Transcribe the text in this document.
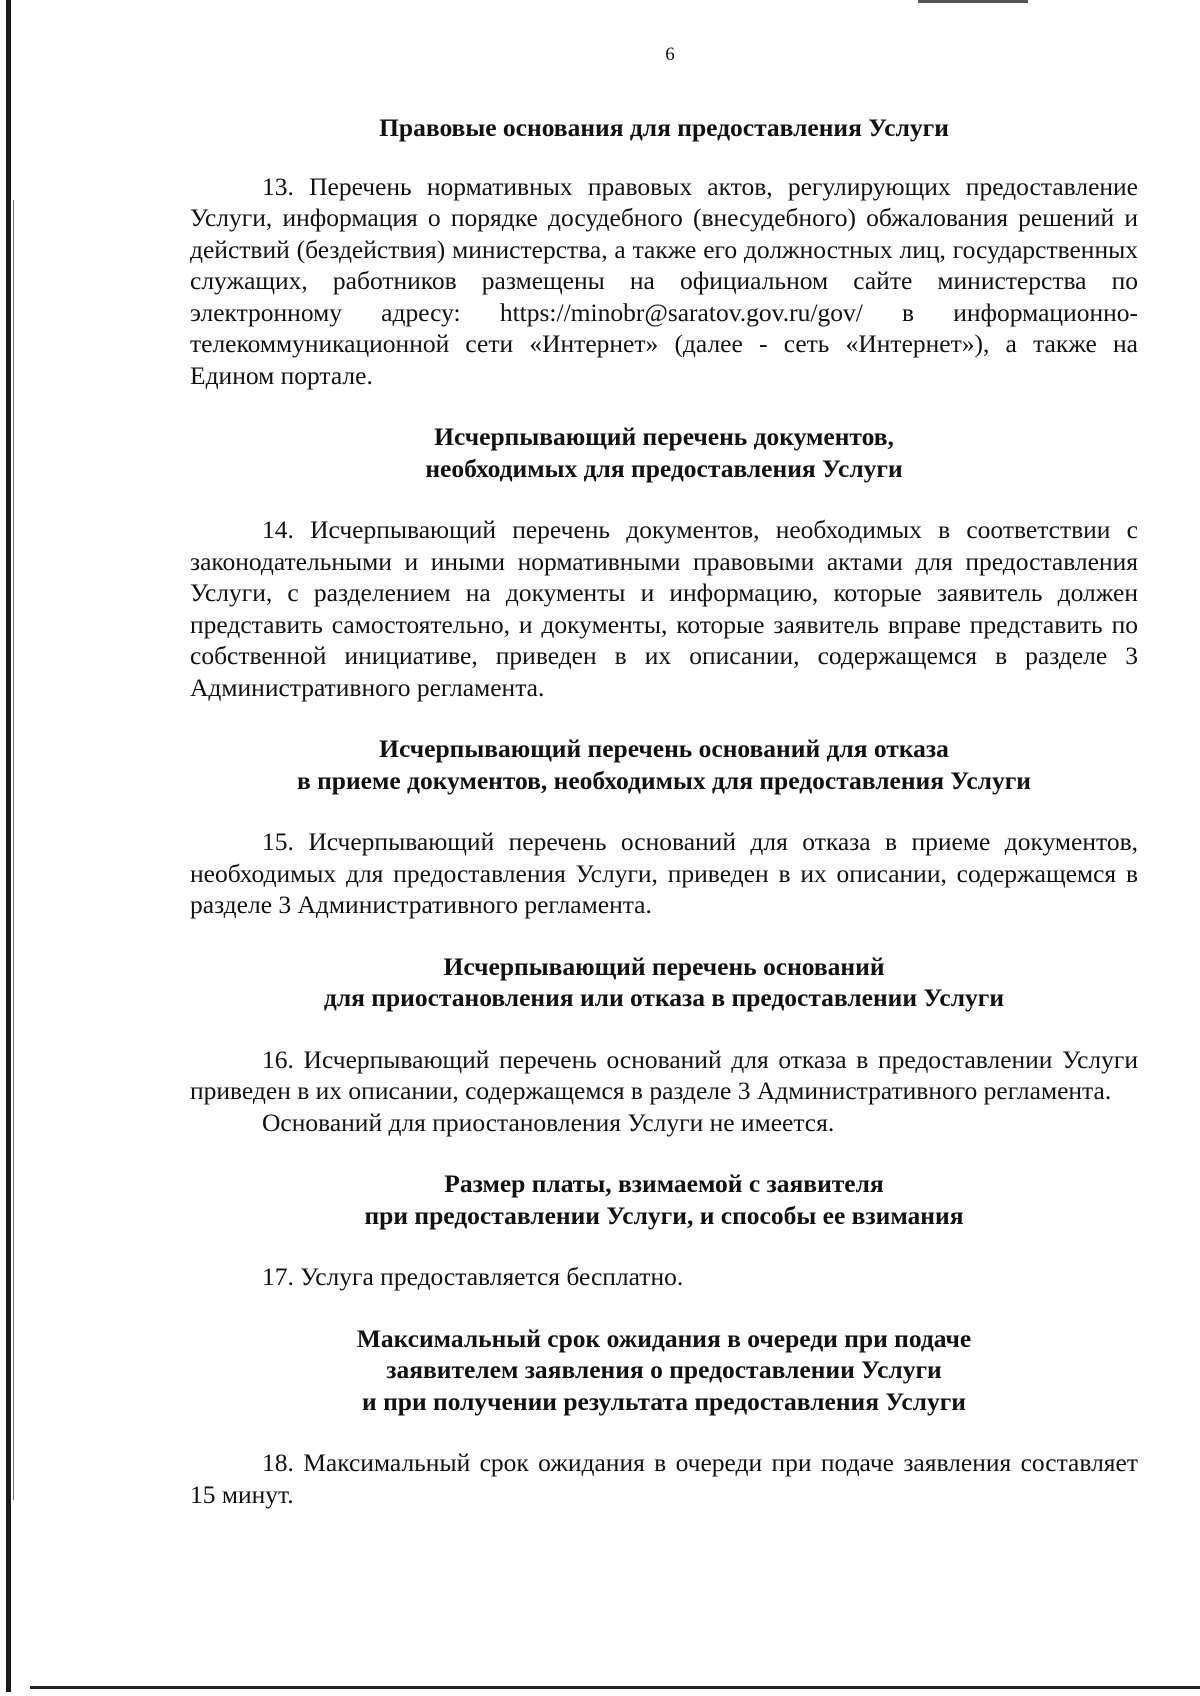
6

Правовые основания для предоставления Услуги

13. Перечень нормативных правовых актов, регулирующих предоставление Услуги, информация о порядке досудебного (внесудебного) обжалования решений и действий (бездействия) министерства, а также его должностных лиц, государственных служащих, работников размещены на официальном сайте министерства по электронному адресу: https://minobr@saratov.gov.ru/gov/ в информационно-телекоммуникационной сети «Интернет» (далее - сеть «Интернет»), а также на Едином портале.

Исчерпывающий перечень документов,

необходимых для предоставления Услуги

14. Исчерпывающий перечень документов, необходимых в соответствии с законодательными и иными нормативными правовыми актами для предоставления Услуги, с разделением на документы и информацию, которые заявитель должен представить самостоятельно, и документы, которые заявитель вправе представить по собственной инициативе, приведен в их описании, содержащемся в разделе 3 Административного регламента.

Исчерпывающий перечень оснований для отказа

в приеме документов, необходимых для предоставления Услуги

15. Исчерпывающий перечень оснований для отказа в приеме документов, необходимых для предоставления Услуги, приведен в их описании, содержащемся в разделе 3 Административного регламента.

Исчерпывающий перечень оснований

для приостановления или отказа в предоставлении Услуги

16. Исчерпывающий перечень оснований для отказа в предоставлении Услуги приведен в их описании, содержащемся в разделе 3 Административного регламента.

Оснований для приостановления Услуги не имеется.

Размер платы, взимаемой с заявителя

при предоставлении Услуги, и способы ее взимания

17. Услуга предоставляется бесплатно.

Максимальный срок ожидания в очереди при подаче

заявителем заявления о предоставлении Услуги

и при получении результата предоставления Услуги

18. Максимальный срок ожидания в очереди при подаче заявления составляет 15 минут.
